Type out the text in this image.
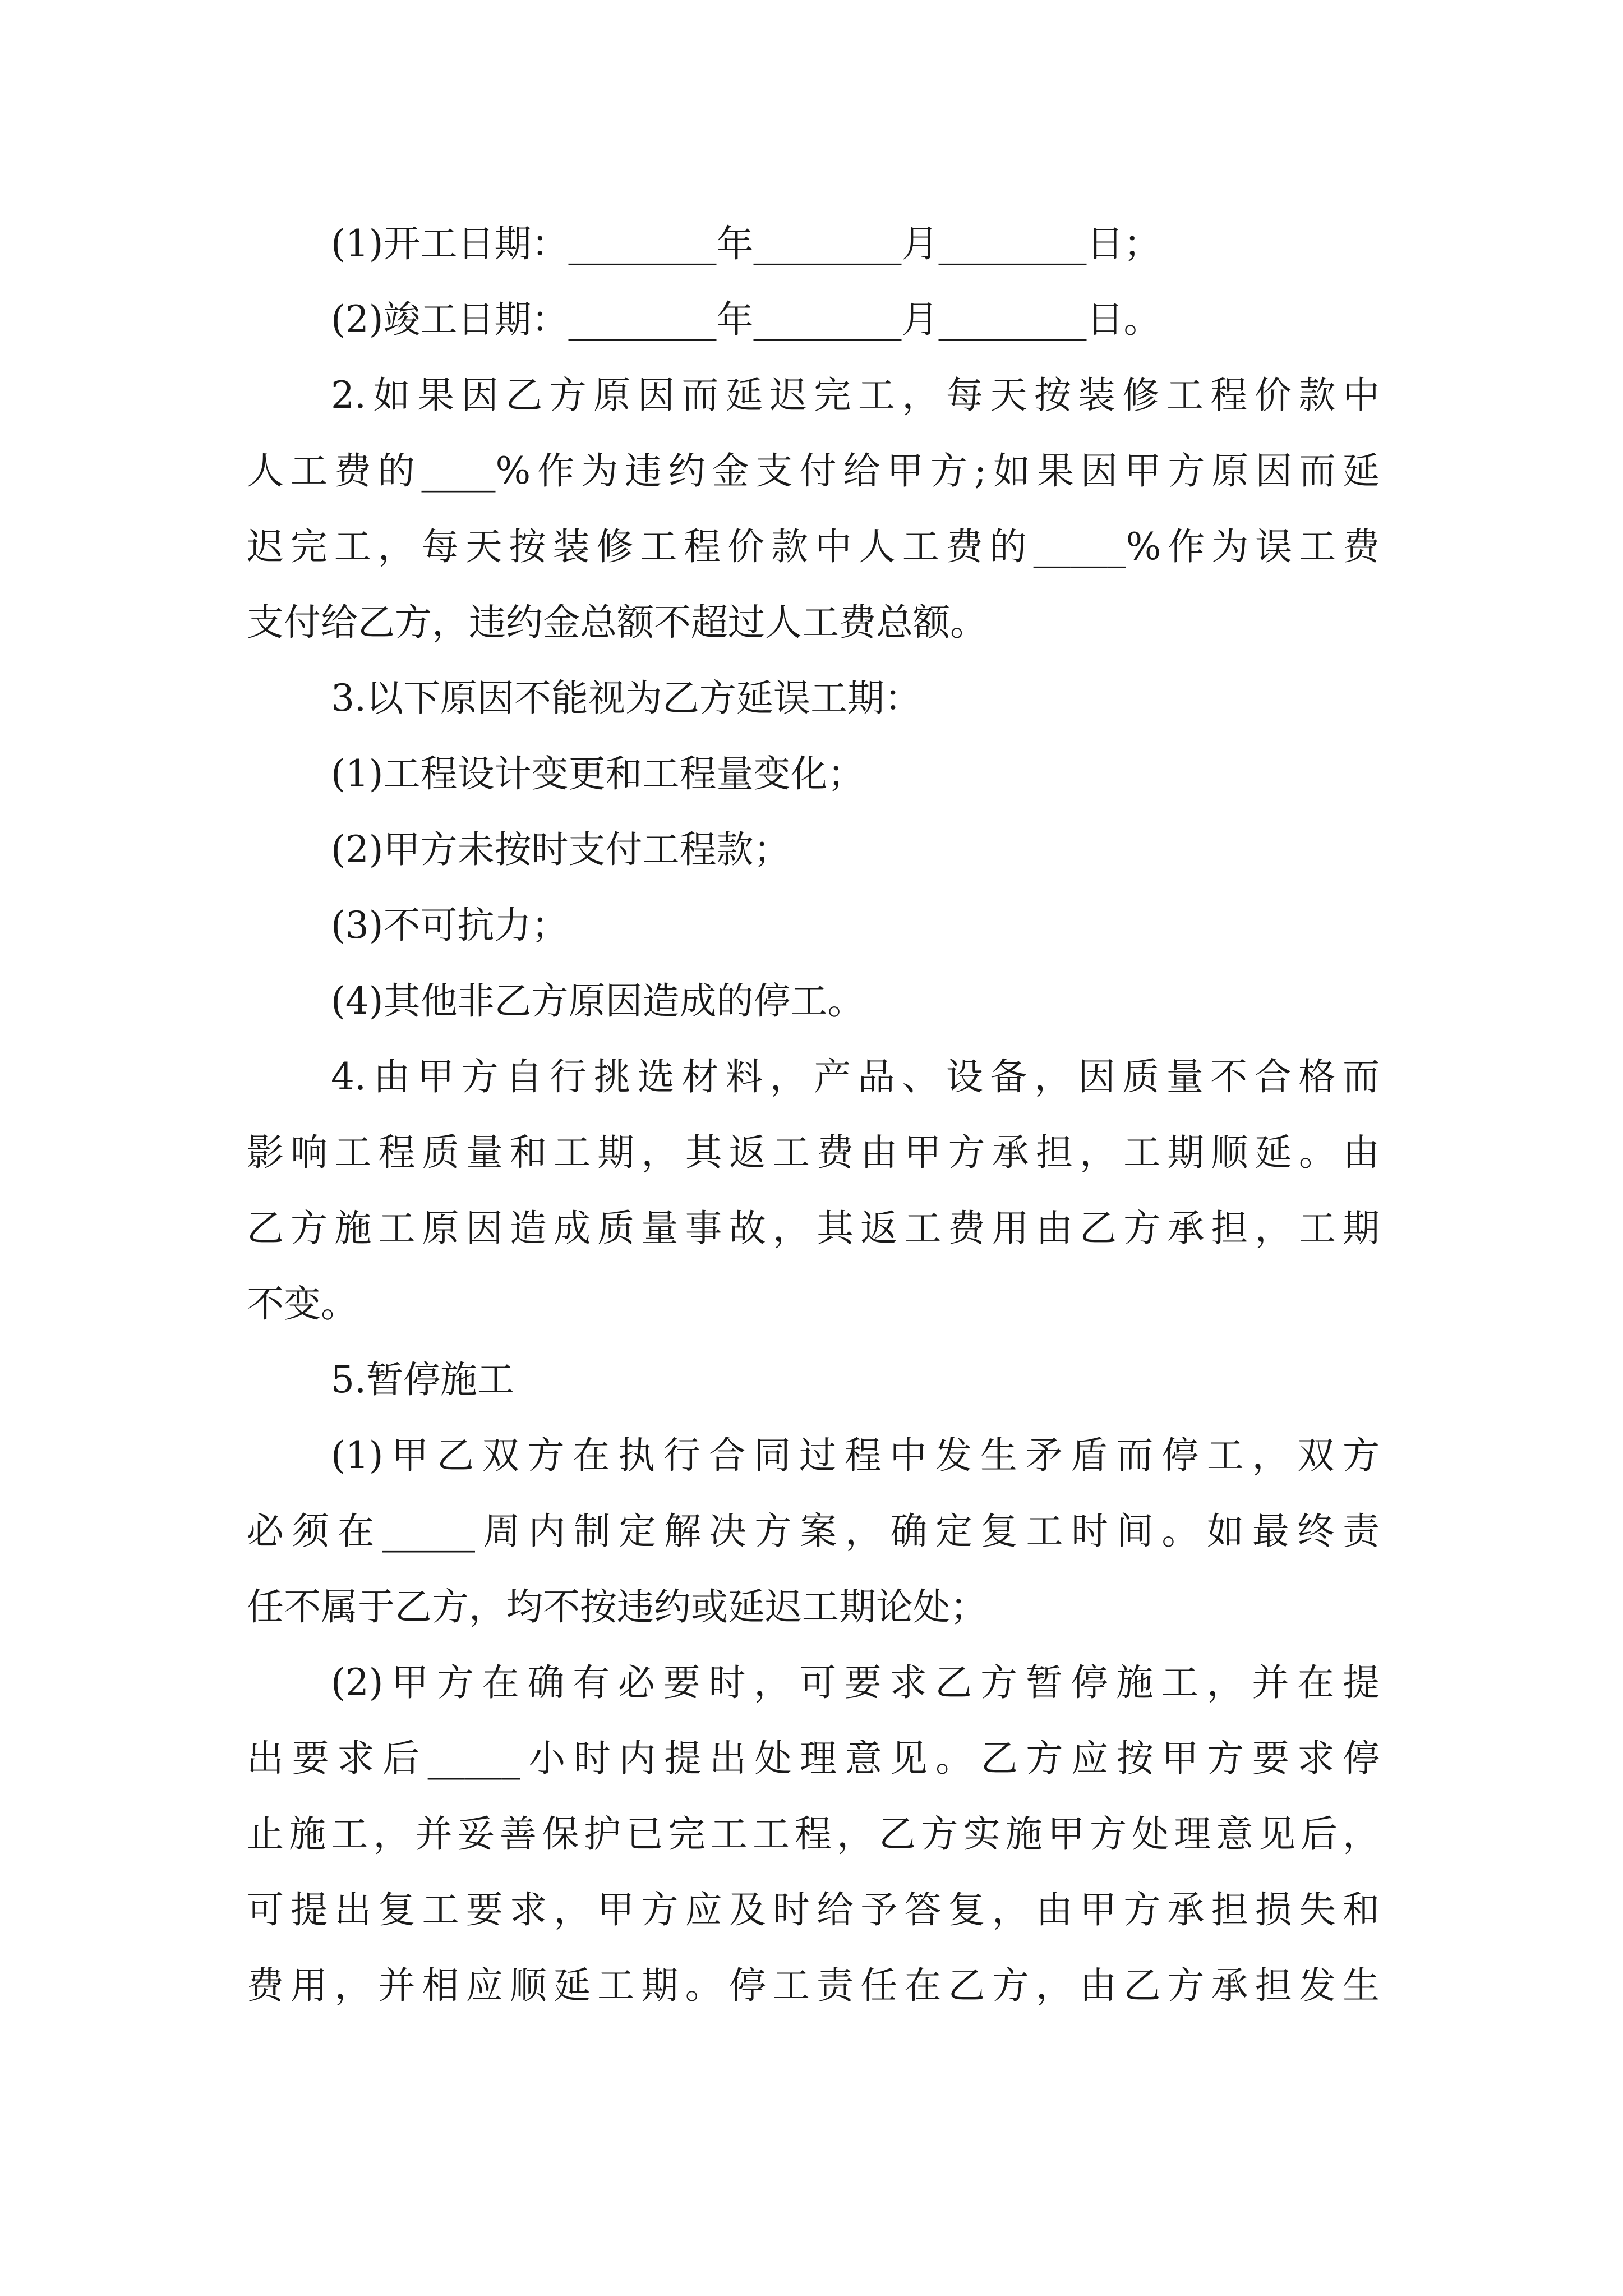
(1)开工日期：________年________月________日；
(2)竣工日期：________年________月________日。
2.如果因乙方原因而延迟完工，每天按装修工程价款中
人工费的____%作为违约金支付给甲方;如果因甲方原因而延
迟完工，每天按装修工程价款中人工费的_____%作为误工费
支付给乙方，违约金总额不超过人工费总额。
3.以下原因不能视为乙方延误工期：
(1)工程设计变更和工程量变化；
(2)甲方未按时支付工程款；
(3)不可抗力；
(4)其他非乙方原因造成的停工。
4.由甲方自行挑选材料，产品、设备，因质量不合格而
影响工程质量和工期，其返工费由甲方承担，工期顺延。由
乙方施工原因造成质量事故，其返工费用由乙方承担，工期
不变。
5.暂停施工
(1)甲乙双方在执行合同过程中发生矛盾而停工，双方
必须在_____周内制定解决方案，确定复工时间。如最终责
任不属于乙方，均不按违约或延迟工期论处；
(2)甲方在确有必要时，可要求乙方暂停施工，并在提
出要求后_____小时内提出处理意见。乙方应按甲方要求停
止施工，并妥善保护已完工工程，乙方实施甲方处理意见后，
可提出复工要求，甲方应及时给予答复，由甲方承担损失和
费用，并相应顺延工期。停工责任在乙方，由乙方承担发生
